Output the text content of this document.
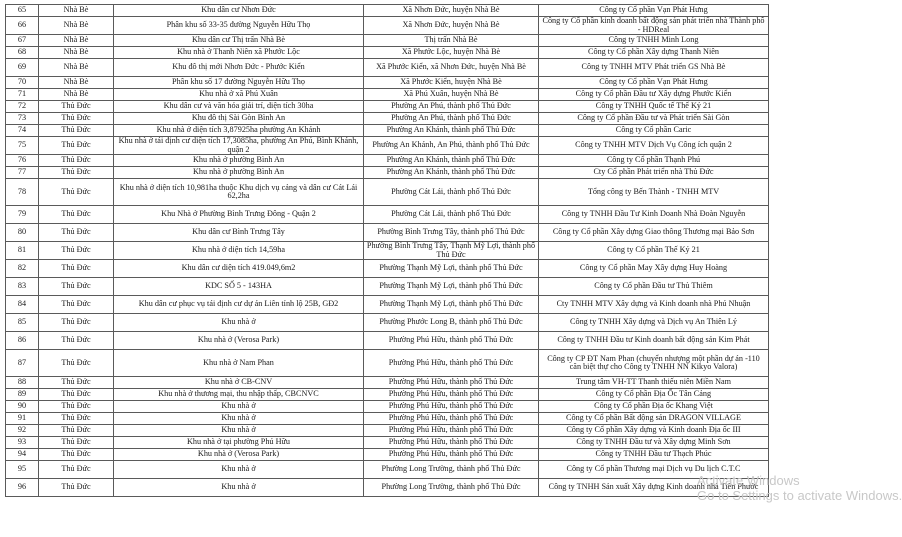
65	Nhà Bè	Khu dân cư Nhơn Đức	Xã Nhơn Đức, huyện Nhà Bè	Công ty Cổ phần Vạn Phát Hưng
66	Nhà Bè	Phân khu số 33-35 đường Nguyễn Hữu Thọ	Xã Nhơn Đức, huyện Nhà Bè	Công ty Cổ phần kinh doanh bất động sản phát triển nhà Thành phố - HDReal
67	Nhà Bè	Khu dân cư Thị trấn Nhà Bè	Thị trấn Nhà Bè	Công ty TNHH Minh Long
68	Nhà Bè	Khu nhà ở Thanh Niên xã Phước Lộc	Xã Phước Lộc, huyện Nhà Bè	Công ty Cổ phần Xây dựng Thanh Niên
69	Nhà Bè	Khu đô thị mới Nhơn Đức - Phước Kiển	Xã Phước Kiển, xã Nhơn Đức, huyện Nhà Bè	Công ty TNHH MTV Phát triển GS Nhà Bè
70	Nhà Bè	Phân khu số 17 đường Nguyễn Hữu Thọ	Xã Phước Kiển, huyện Nhà Bè	Công ty Cổ phần Vạn Phát Hưng
71	Nhà Bè	Khu nhà ở xã Phú Xuân	Xã Phú Xuân, huyện Nhà Bè	Công ty Cổ phần Đầu tư Xây dựng Phước Kiển
72	Thủ Đức	Khu dân cư và văn hóa giải trí, diện tích 30ha	Phường An Phú, thành phố Thủ Đức	Công ty TNHH Quốc tế Thế Kỷ 21
73	Thủ Đức	Khu đô thị Sài Gòn Bình An	Phường An Phú, thành phố Thủ Đức	Công ty Cổ phần Đầu tư và Phát triển Sài Gòn
74	Thủ Đức	Khu nhà ở diện tích 3,87925ha phường An Khánh	Phường An Khánh, thành phố Thủ Đức	Công ty Cổ phần Caric
75	Thủ Đức	Khu nhà ở tái định cư diện tích 17,3085ha, phường An Phú, Bình Khánh, quận 2	Phường An Khánh, An Phú, thành phố Thủ Đức	Công ty TNHH MTV Dịch Vụ Công ích quận 2
76	Thủ Đức	Khu nhà ở phường Bình An	Phường An Khánh, thành phố Thủ Đức	Công ty Cổ phần Thạnh Phú
77	Thủ Đức	Khu nhà ở phường Bình An	Phường An Khánh, thành phố Thủ Đức	Cty Cổ phần Phát triển nhà Thủ Đức
78	Thủ Đức	Khu nhà ở diện tích 10,981ha thuộc Khu dịch vụ cảng và dân cư Cát Lái 62,2ha	Phường Cát Lái, thành phố Thủ Đức	Tổng công ty Bến Thành - TNHH MTV
79	Thủ Đức	Khu Nhà ở Phường Bình Trưng Đông - Quận 2	Phường Cát Lái, thành phố Thủ Đức	Công ty TNHH Đầu Tư Kinh Doanh Nhà Đoàn Nguyễn
80	Thủ Đức	Khu dân cư Bình Trưng Tây	Phường Bình Trưng Tây, thành phố Thủ Đức	Công ty Cổ phần Xây dựng Giao thông Thương mại Bảo Sơn
81	Thủ Đức	Khu nhà ở diện tích 14,59ha	Phường Bình Trưng Tây, Thạnh Mỹ Lợi, thành phố Thủ Đức	Công ty Cổ phần Thế Kỷ 21
82	Thủ Đức	Khu dân cư diện tích 419.049,6m2	Phường Thạnh Mỹ Lợi, thành phố Thủ Đức	Công ty Cổ phần May Xây dựng Huy Hoàng
83	Thủ Đức	KDC SỐ 5 - 143HA	Phường Thạnh Mỹ Lợi, thành phố Thủ Đức	Công ty Cổ phần Đầu tư Thủ Thiêm
84	Thủ Đức	Khu dân cư phục vụ tái định cư dự án Liên tỉnh lộ 25B, GĐ2	Phường Thạnh Mỹ Lợi, thành phố Thủ Đức	Cty TNHH MTV Xây dựng và Kinh doanh nhà Phú Nhuận
85	Thủ Đức	Khu nhà ở	Phường Phước Long B, thành phố Thủ Đức	Công ty TNHH Xây dựng và Dịch vụ An Thiên Lý
86	Thủ Đức	Khu nhà ở (Verosa Park)	Phường Phú Hữu, thành phố Thủ Đức	Công ty TNHH Đầu tư Kinh doanh bất động sản Kim Phát
87	Thủ Đức	Khu nhà ở Nam Phan	Phường Phú Hữu, thành phố Thủ Đức	Công ty CP ĐT Nam Phan (chuyển nhượng một phần dự án -110 căn biệt thự cho Công ty TNHH NN Kikyo Valora)
88	Thủ Đức	Khu nhà ở CB-CNV	Phường Phú Hữu, thành phố Thủ Đức	Trung tâm VH-TT Thanh thiếu niên Miền Nam
89	Thủ Đức	Khu nhà ở thương mại, thu nhập thấp, CBCNVC	Phường Phú Hữu, thành phố Thủ Đức	Công ty Cổ phần Địa Ốc Tân Cảng
90	Thủ Đức	Khu nhà ở	Phường Phú Hữu, thành phố Thủ Đức	Công ty Cổ phần Địa ốc Khang Việt
91	Thủ Đức	Khu nhà ở	Phường Phú Hữu, thành phố Thủ Đức	Công ty Cổ phần Bất động sản DRAGON VILLAGE
92	Thủ Đức	Khu nhà ở	Phường Phú Hữu, thành phố Thủ Đức	Công ty Cổ phần Xây dựng và Kinh doanh Địa ốc III
93	Thủ Đức	Khu nhà ở tại phường Phú Hữu	Phường Phú Hữu, thành phố Thủ Đức	Công ty TNHH Đầu tư và Xây dựng Minh Sơn
94	Thủ Đức	Khu nhà ở (Verosa Park)	Phường Phú Hữu, thành phố Thủ Đức	Công ty TNHH Đầu tư Thạch Phúc
95	Thủ Đức	Khu nhà ở	Phường Long Trường, thành phố Thủ Đức	Công ty Cổ phần Thương mại Dịch vụ Du lịch C.T.C
96	Thủ Đức	Khu nhà ở	Phường Long Trường, thành phố Thủ Đức	Công ty TNHH Sản xuất Xây dựng Kinh doanh nhà Tiến Phước
Activate Windows
Go to Settings to activate Windows.
